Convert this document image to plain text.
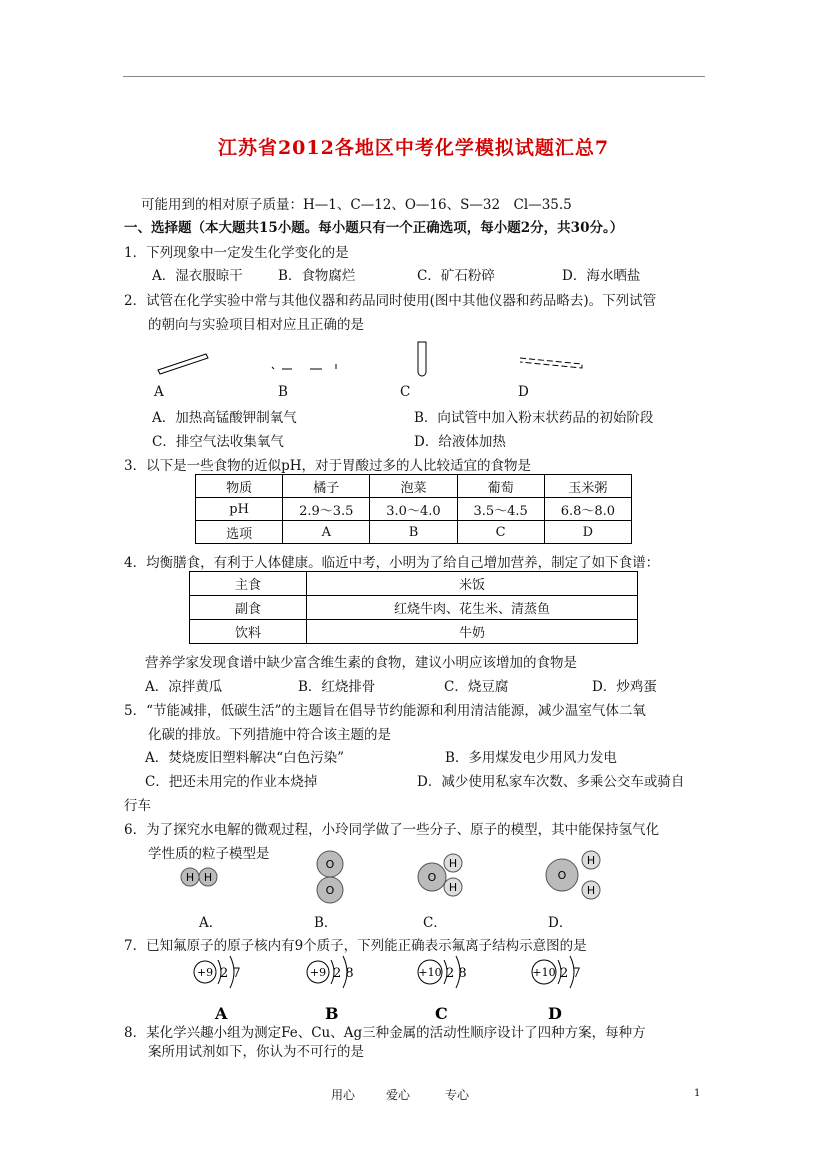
江苏省2012各地区中考化学模拟试题汇总7
可能用到的相对原子质量：H—1、C—12、O—16、S—32　Cl—35.5
一、选择题（本大题共15小题。每小题只有一个正确选项，每小题2分，共30分。）
1．下列现象中一定发生化学变化的是
A．湿衣服晾干	B．食物腐烂	C．矿石粉碎	D．海水晒盐
2．试管在化学实验中常与其他仪器和药品同时使用(图中其他仪器和药品略去)。下列试管
的朝向与实验项目相对应且正确的是
A	B	C	D
A．加热高锰酸钾制氧气	B．向试管中加入粉末状药品的初始阶段
C．排空气法收集氧气	D．给液体加热
3．以下是一些食物的近似pH，对于胃酸过多的人比较适宜的食物是
物质	橘子	泡菜	葡萄	玉米粥
pH	2.9～3.5	3.0～4.0	3.5～4.5	6.8～8.0
选项	A	B	C	D
4．均衡膳食，有利于人体健康。临近中考，小明为了给自己增加营养，制定了如下食谱：
主食	米饭
副食	红烧牛肉、花生米、清蒸鱼
饮料	牛奶
营养学家发现食谱中缺少富含维生素的食物，建议小明应该增加的食物是
A．凉拌黄瓜	B．红烧排骨	C．烧豆腐	D．炒鸡蛋
5．“节能减排，低碳生活”的主题旨在倡导节约能源和利用清洁能源，减少温室气体二氧
化碳的排放。下列措施中符合该主题的是
A．焚烧废旧塑料解决“白色污染”	B．多用煤发电少用风力发电
C．把还未用完的作业本烧掉	D．减少使用私家车次数、多乘公交车或骑自
行车
6．为了探究水电解的微观过程，小玲同学做了一些分子、原子的模型，其中能保持氢气化
学性质的粒子模型是
H H
O
O
O
H
H
O
H
H
A．	B．	C．	D．
7．已知氟原子的原子核内有9个质子，下列能正确表示氟离子结构示意图的是
+9 2 7
A
+9 2 8
B
+10 2 8
C
+10 2 7
D
8．某化学兴趣小组为测定Fe、Cu、Ag三种金属的活动性顺序设计了四种方案，每种方
案所用试剂如下，你认为不可行的是
用心	爱心	专心	1
